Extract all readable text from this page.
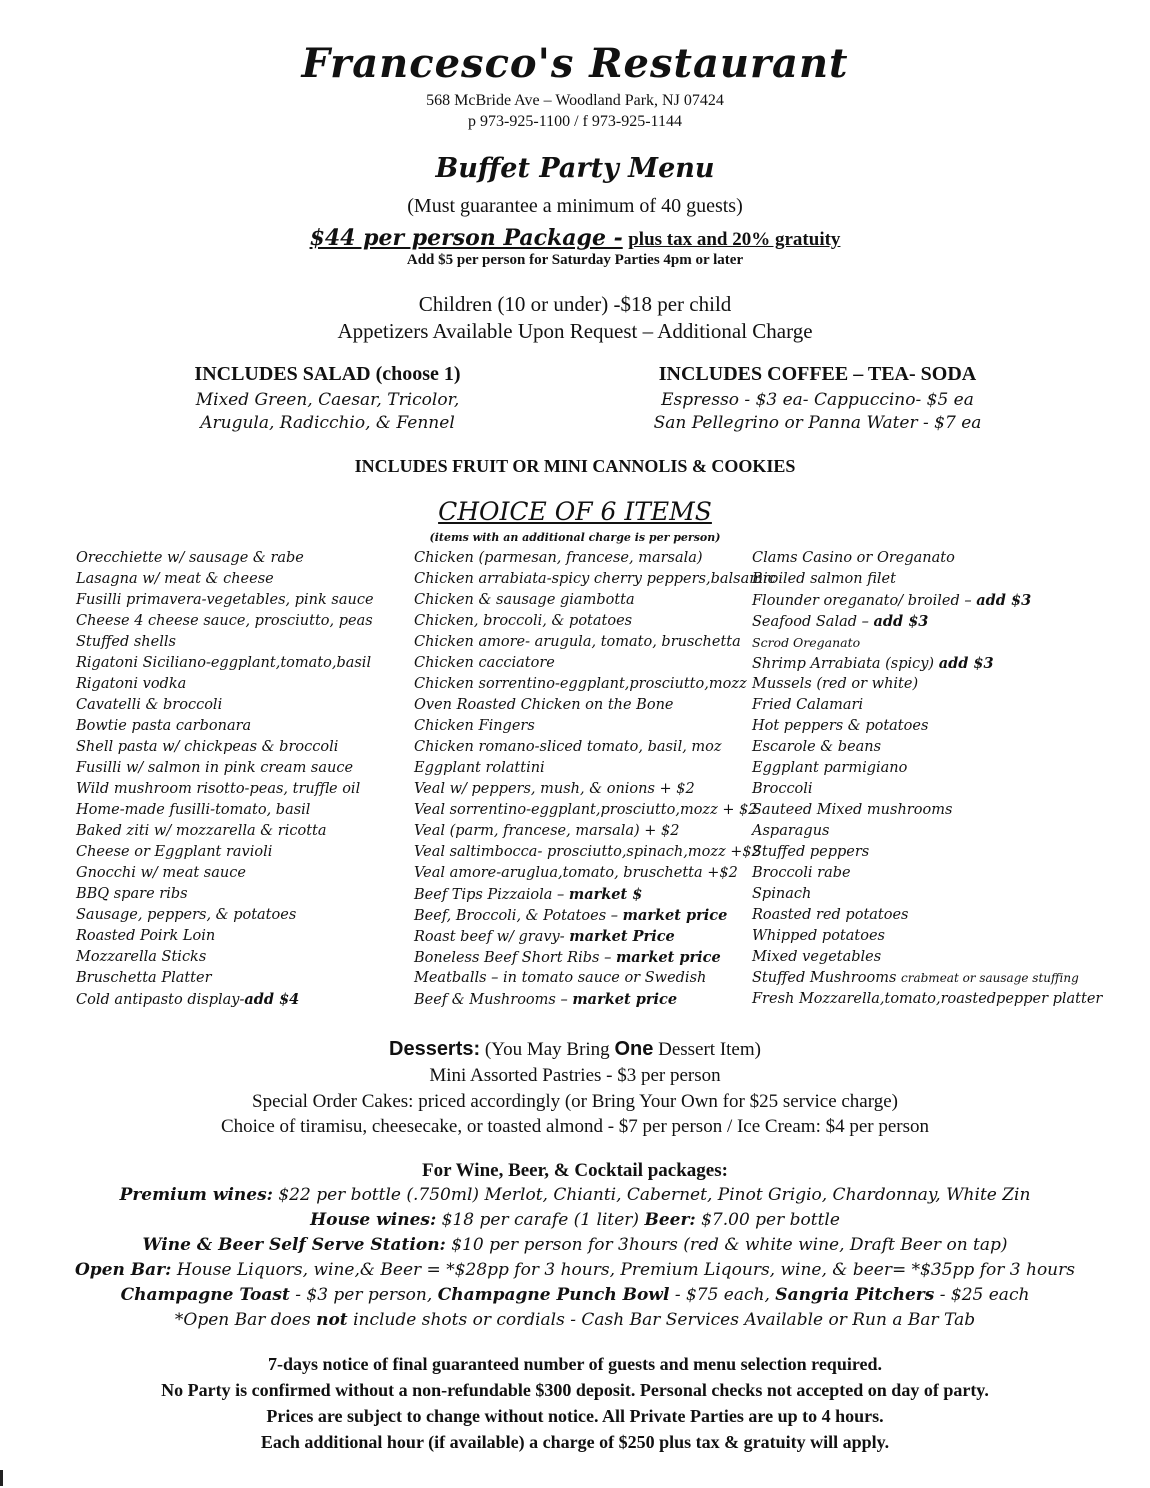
Francesco's Restaurant
568 McBride Ave – Woodland Park, NJ 07424
p 973-925-1100 / f 973-925-1144
Buffet Party Menu
(Must guarantee a minimum of 40 guests)
$44 per person Package - plus tax and 20% gratuity
Add $5 per person for Saturday Parties 4pm or later
Children (10 or under) -$18 per child
Appetizers Available Upon Request – Additional Charge
INCLUDES SALAD (choose 1)
Mixed Green, Caesar, Tricolor,
Arugula, Radicchio, & Fennel
INCLUDES COFFEE – TEA- SODA
Espresso - $3 ea- Cappuccino- $5 ea
San Pellegrino or Panna Water - $7 ea
INCLUDES FRUIT OR MINI CANNOLIS & COOKIES
CHOICE OF 6 ITEMS
(items with an additional charge is per person)
Orecchiette w/ sausage & rabe
Lasagna w/ meat & cheese
Fusilli primavera-vegetables, pink sauce
Cheese 4 cheese sauce, prosciutto, peas
Stuffed shells
Rigatoni Siciliano-eggplant,tomato,basil
Rigatoni vodka
Cavatelli & broccoli
Bowtie pasta carbonara
Shell pasta w/ chickpeas & broccoli
Fusilli w/ salmon in pink cream sauce
Wild mushroom risotto-peas, truffle oil
Home-made fusilli-tomato, basil
Baked ziti w/ mozzarella & ricotta
Cheese or Eggplant ravioli
Gnocchi w/ meat sauce
BBQ spare ribs
Sausage, peppers, & potatoes
Roasted Poirk Loin
Mozzarella Sticks
Bruschetta Platter
Cold antipasto display-add $4
Chicken (parmesan, francese, marsala)
Chicken arrabiata-spicy cherry peppers,balsamic
Chicken & sausage giambotta
Chicken, broccoli, & potatoes
Chicken amore- arugula, tomato, bruschetta
Chicken cacciatore
Chicken sorrentino-eggplant,prosciutto,mozz
Oven Roasted Chicken on the Bone
Chicken Fingers
Chicken romano-sliced tomato, basil, moz
Eggplant rolattini
Veal w/ peppers, mush, & onions + $2
Veal sorrentino-eggplant,prosciutto,mozz + $2
Veal (parm, francese, marsala) + $2
Veal saltimbocca- prosciutto,spinach,mozz +$2
Veal amore-aruglua,tomato, bruschetta +$2
Beef Tips Pizzaiola – market $
Beef, Broccoli, & Potatoes – market price
Roast beef w/ gravy- market Price
Boneless Beef Short Ribs – market price
Meatballs – in tomato sauce or Swedish
Beef & Mushrooms – market price
Clams Casino or Oreganato
Broiled salmon filet
Flounder oreganato/ broiled – add $3
Seafood Salad – add $3
Scrod Oreganato
Shrimp Arrabiata (spicy) add $3
Mussels (red or white)
Fried Calamari
Hot peppers & potatoes
Escarole & beans
Eggplant parmigiano
Broccoli
Sauteed Mixed mushrooms
Asparagus
Stuffed peppers
Broccoli rabe
Spinach
Roasted red potatoes
Whipped potatoes
Mixed vegetables
Stuffed Mushrooms crabmeat or sausage stuffing
Fresh Mozzarella,tomato,roastedpepper platter
Desserts: (You May Bring One Dessert Item)
Mini Assorted Pastries - $3 per person
Special Order Cakes: priced accordingly (or Bring Your Own for $25 service charge)
Choice of tiramisu, cheesecake, or toasted almond - $7 per person / Ice Cream: $4 per person
For Wine, Beer, & Cocktail packages:
Premium wines: $22 per bottle (.750ml) Merlot, Chianti, Cabernet, Pinot Grigio, Chardonnay, White Zin
House wines: $18 per carafe (1 liter) Beer: $7.00 per bottle
Wine & Beer Self Serve Station: $10 per person for 3hours (red & white wine, Draft Beer on tap)
Open Bar: House Liquors, wine,& Beer = *$28pp for 3 hours, Premium Liqours, wine, & beer= *$35pp for 3 hours
Champagne Toast - $3 per person, Champagne Punch Bowl - $75 each, Sangria Pitchers - $25 each
*Open Bar does not include shots or cordials - Cash Bar Services Available or Run a Bar Tab
7-days notice of final guaranteed number of guests and menu selection required.
No Party is confirmed without a non-refundable $300 deposit. Personal checks not accepted on day of party.
Prices are subject to change without notice. All Private Parties are up to 4 hours.
Each additional hour (if available) a charge of $250 plus tax & gratuity will apply.
